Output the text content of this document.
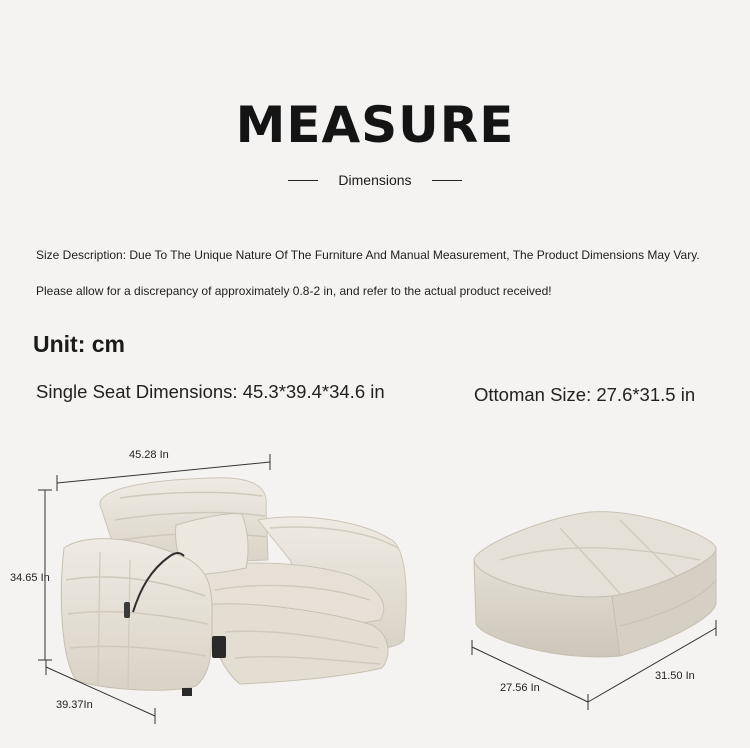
MEASURE
Dimensions
Size Description: Due To The Unique Nature Of The Furniture And Manual Measurement, The Product Dimensions May Vary.
Please allow for a discrepancy of approximately 0.8-2 in, and refer to the actual product received!
Unit: cm
Single Seat Dimensions: 45.3*39.4*34.6 in	Ottoman Size: 27.6*31.5 in
45.28 In
34.65 In
39.37In
27.56 In
31.50 In
